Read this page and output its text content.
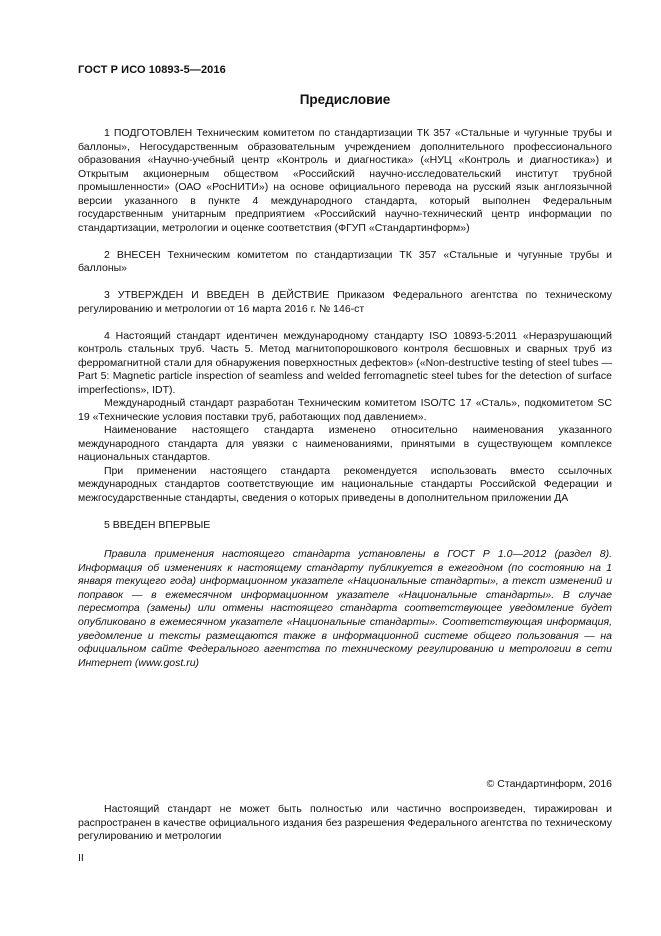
ГОСТ Р ИСО 10893-5—2016
Предисловие

1 ПОДГОТОВЛЕН Техническим комитетом по стандартизации ТК 357 «Стальные и чугунные трубы и баллоны», Негосударственным образовательным учреждением дополнительного профессионального образования «Научно-учебный центр «Контроль и диагностика» («НУЦ «Контроль и диагностика») и Открытым акционерным обществом «Российский научно-исследовательский институт трубной промышленности» (ОАО «РосНИТИ») на основе официального перевода на русский язык англоязычной версии указанного в пункте 4 международного стандарта, который выполнен Федеральным государственным унитарным предприятием «Российский научно-технический центр информации по стандартизации, метрологии и оценке соответствия (ФГУП «Стандартинформ»)

2 ВНЕСЕН Техническим комитетом по стандартизации ТК 357 «Стальные и чугунные трубы и баллоны»

3 УТВЕРЖДЕН И ВВЕДЕН В ДЕЙСТВИЕ Приказом Федерального агентства по техническому регулированию и метрологии от 16 марта 2016 г. № 146-ст

4 Настоящий стандарт идентичен международному стандарту ISO 10893-5:2011 «Неразрушающий контроль стальных труб. Часть 5. Метод магнитопорошкового контроля бесшовных и сварных труб из ферромагнитной стали для обнаружения поверхностных дефектов» («Non-destructive testing of steel tubes — Part 5: Magnetic particle inspection of seamless and welded ferromagnetic steel tubes for the detection of surface imperfections», IDT).

Международный стандарт разработан Техническим комитетом ISO/TC 17 «Сталь», подкомитетом SC 19 «Технические условия поставки труб, работающих под давлением».

Наименование настоящего стандарта изменено относительно наименования указанного международного стандарта для увязки с наименованиями, принятыми в существующем комплексе национальных стандартов.

При применении настоящего стандарта рекомендуется использовать вместо ссылочных международных стандартов соответствующие им национальные стандарты Российской Федерации и межгосударственные стандарты, сведения о которых приведены в дополнительном приложении ДА

5 ВВЕДЕН ВПЕРВЫЕ

Правила применения настоящего стандарта установлены в ГОСТ Р 1.0—2012 (раздел 8). Информация об изменениях к настоящему стандарту публикуется в ежегодном (по состоянию на 1 января текущего года) информационном указателе «Национальные стандарты», а текст изменений и поправок — в ежемесячном информационном указателе «Национальные стандарты». В случае пересмотра (замены) или отмены настоящего стандарта соответствующее уведомление будет опубликовано в ежемесячном указателе «Национальные стандарты». Соответствующая информация, уведомление и тексты размещаются также в информационной системе общего пользования — на официальном сайте Федерального агентства по техническому регулированию и метрологии в сети Интернет (www.gost.ru)

© Стандартинформ, 2016

Настоящий стандарт не может быть полностью или частично воспроизведен, тиражирован и распространен в качестве официального издания без разрешения Федерального агентства по техническому регулированию и метрологии

II
